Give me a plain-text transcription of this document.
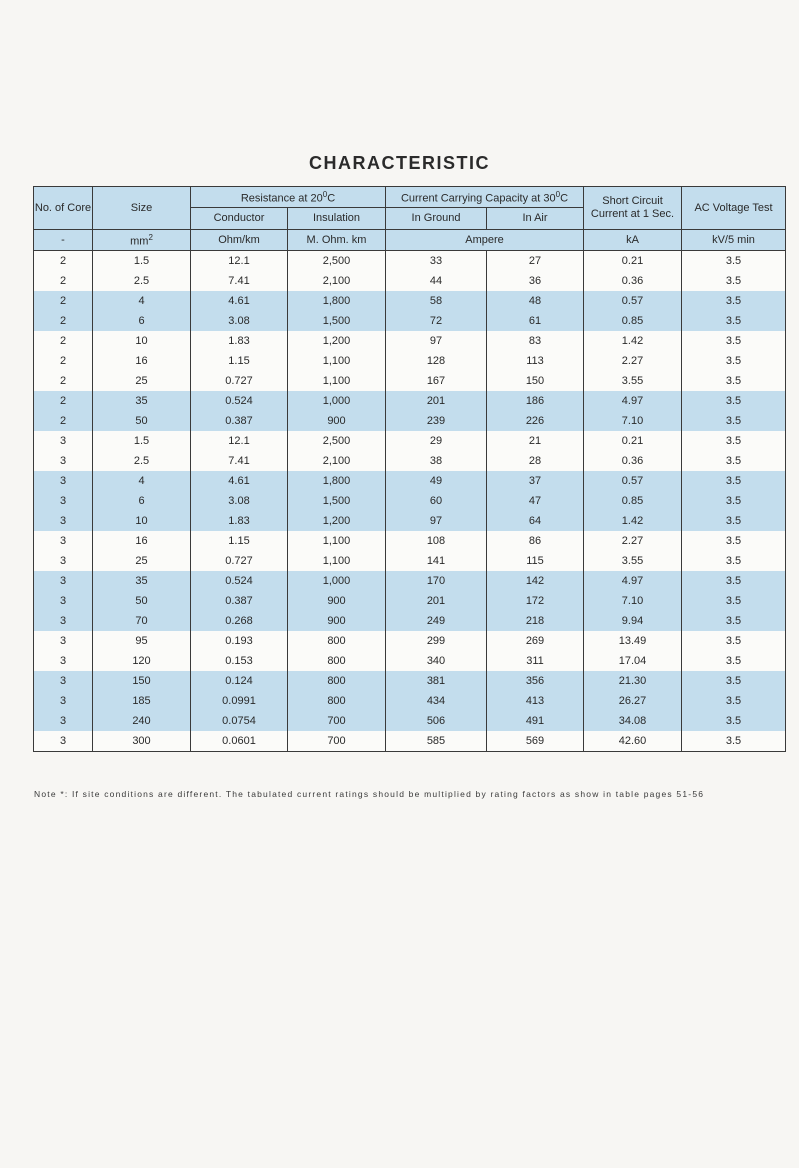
CHARACTERISTIC
No. of Core	Size	Resistance at $20^0C$		Current Carrying Capacity at $30^0C$		Short Circuit Current at 1 Sec.	AC Voltage Test
		Conductor	Insulation	In Ground	In Air		
-	$mm^2$	Ohm/km	M. Ohm. km	Ampere		kA	kV/5 min
2	1.5	12.1	2,500	33	27	0.21	3.5
2	2.5	7.41	2,100	44	36	0.36	3.5
2	4	4.61	1,800	58	48	0.57	3.5
2	6	3.08	1,500	72	61	0.85	3.5
2	10	1.83	1,200	97	83	1.42	3.5
2	16	1.15	1,100	128	113	2.27	3.5
2	25	0.727	1,100	167	150	3.55	3.5
2	35	0.524	1,000	201	186	4.97	3.5
2	50	0.387	900	239	226	7.10	3.5
3	1.5	12.1	2,500	29	21	0.21	3.5
3	2.5	7.41	2,100	38	28	0.36	3.5
3	4	4.61	1,800	49	37	0.57	3.5
3	6	3.08	1,500	60	47	0.85	3.5
3	10	1.83	1,200	97	64	1.42	3.5
3	16	1.15	1,100	108	86	2.27	3.5
3	25	0.727	1,100	141	115	3.55	3.5
3	35	0.524	1,000	170	142	4.97	3.5
3	50	0.387	900	201	172	7.10	3.5
3	70	0.268	900	249	218	9.94	3.5
3	95	0.193	800	299	269	13.49	3.5
3	120	0.153	800	340	311	17.04	3.5
3	150	0.124	800	381	356	21.30	3.5
3	185	0.0991	800	434	413	26.27	3.5
3	240	0.0754	700	506	491	34.08	3.5
3	300	0.0601	700	585	569	42.60	3.5
Note *: If site conditions are different. The tabulated current ratings should be multiplied by rating factors as show in table pages 51-56
